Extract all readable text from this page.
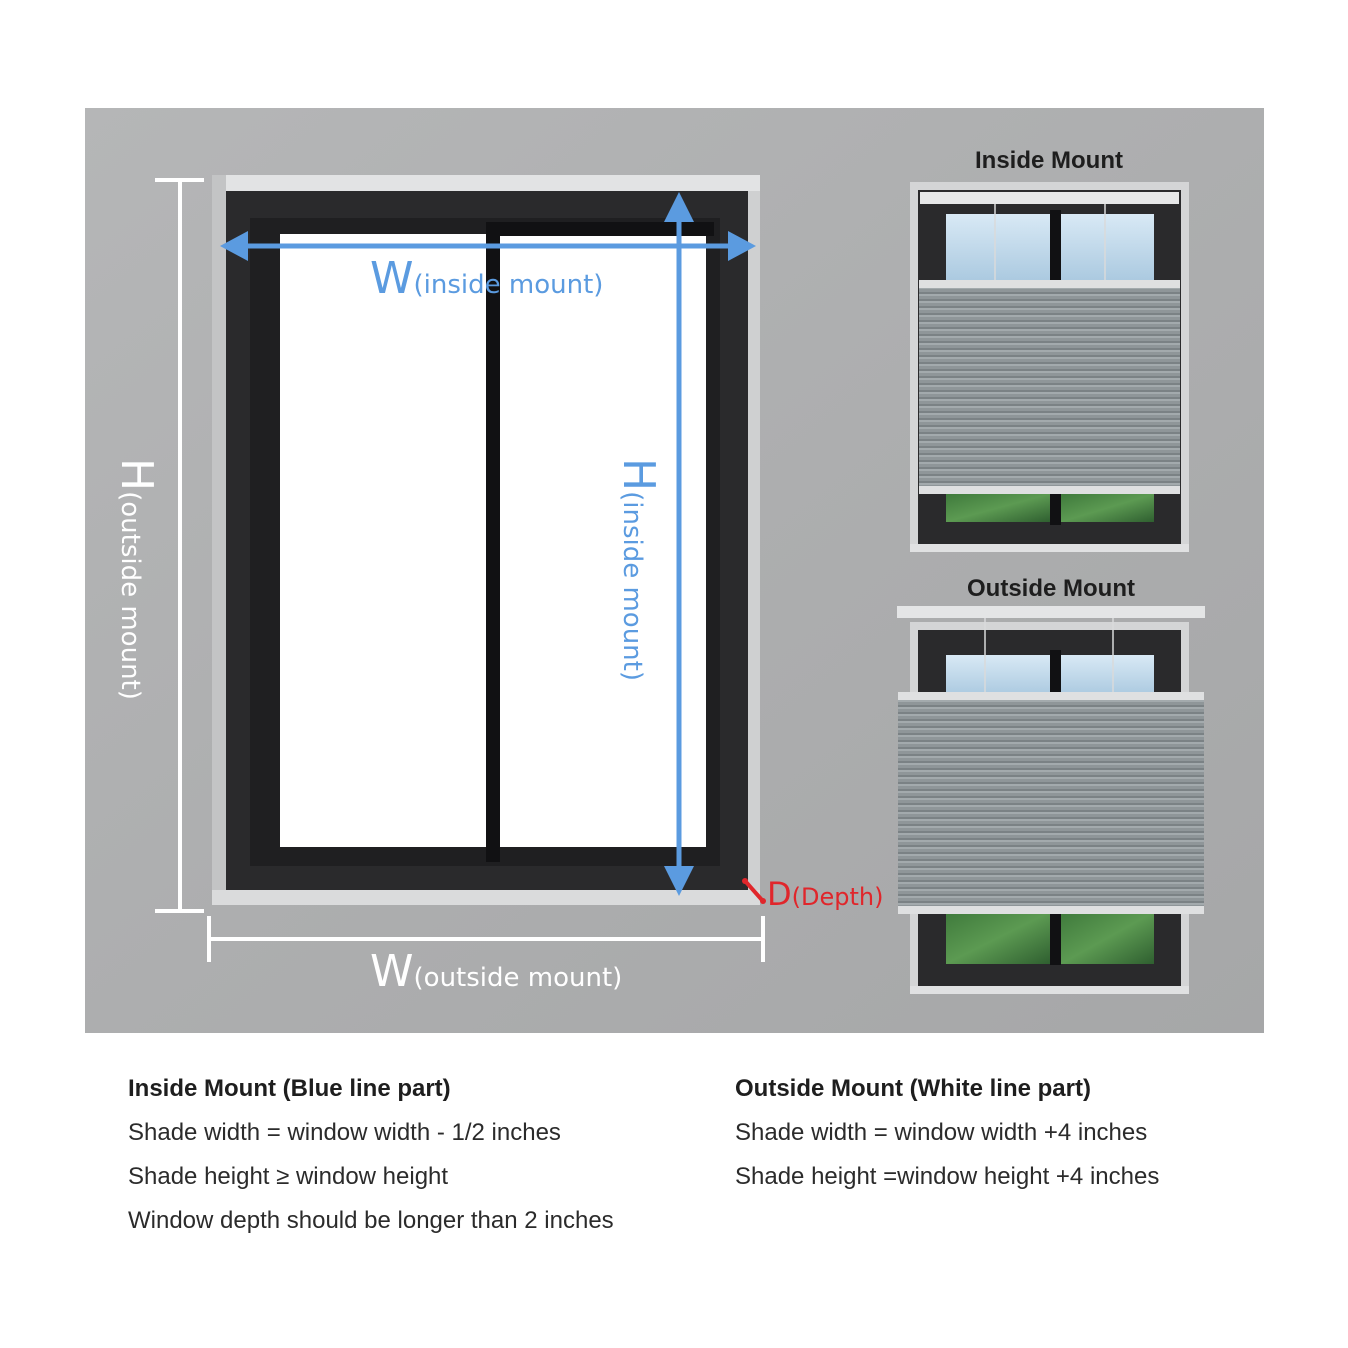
W(inside mount)
H(inside mount)
H(outside mount)
W(outside mount)
D(Depth)
Inside Mount
Outside Mount
Inside Mount (Blue line part)
Shade width = window width - 1/2 inches
Shade height ≥ window height
Window depth should be longer than 2 inches
Outside Mount (White line part)
Shade width = window width +4 inches
Shade height =window height +4 inches
